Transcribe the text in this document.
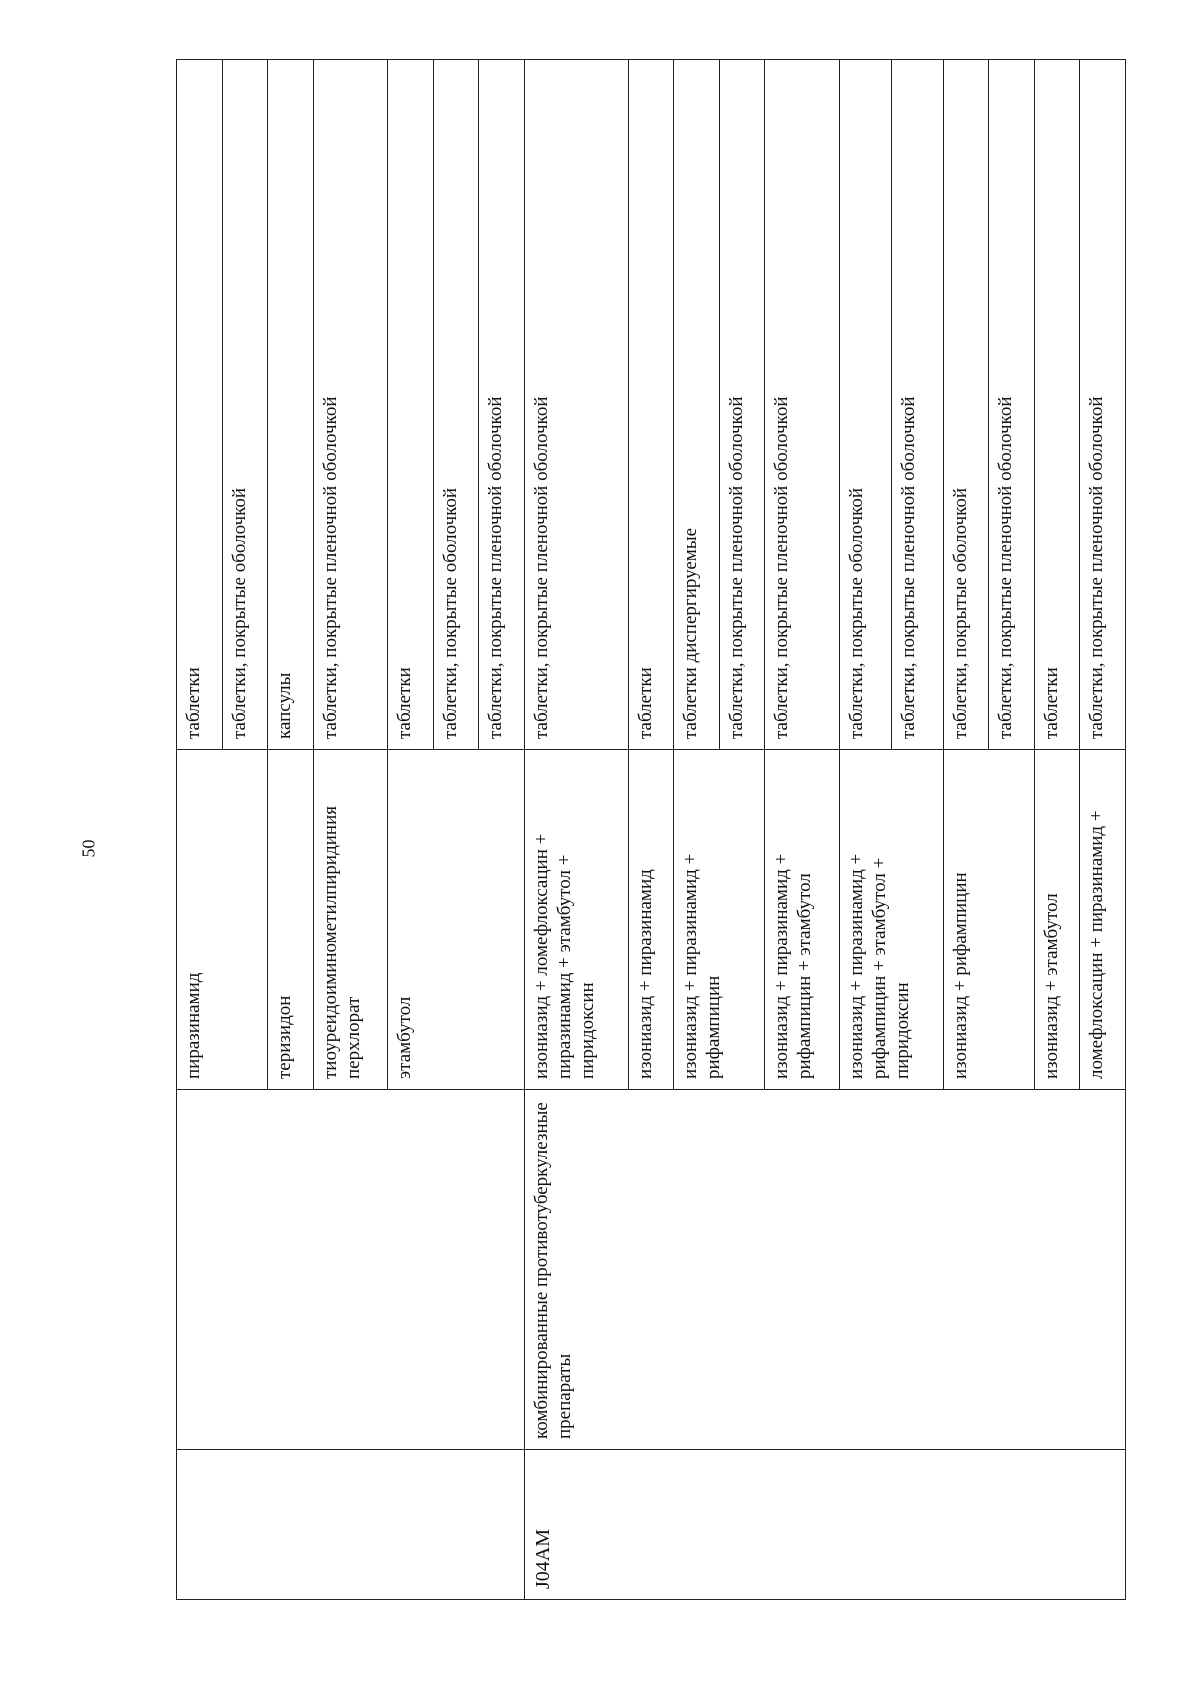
50
		пиразинамид	таблетки
			таблетки, покрытые оболочкой
		теризидон	капсулы
		тиоуреидоиминометилпиридиния перхлорат	таблетки, покрытые пленочной оболочкой
		этамбутол	таблетки
			таблетки, покрытые оболочкой
			таблетки, покрытые пленочной оболочкой
J04AM	комбинированные противотуберкулезные препараты	изониазид + ломефлоксацин + пиразинамид + этамбутол + пиридоксин	таблетки, покрытые пленочной оболочкой
		изониазид + пиразинамид	таблетки
		изониазид + пиразинамид + рифампицин	таблетки диспергируемые
			таблетки, покрытые пленочной оболочкой
		изониазид + пиразинамид + рифампицин + этамбутол	таблетки, покрытые пленочной оболочкой
		изониазид + пиразинамид + рифампицин + этамбутол + пиридоксин	таблетки, покрытые оболочкой
			таблетки, покрытые пленочной оболочкой
		изониазид + рифампицин	таблетки, покрытые оболочкой
			таблетки, покрытые пленочной оболочкой
		изониазид + этамбутол	таблетки
		ломефлоксацин + пиразинамид +	таблетки, покрытые пленочной оболочкой
